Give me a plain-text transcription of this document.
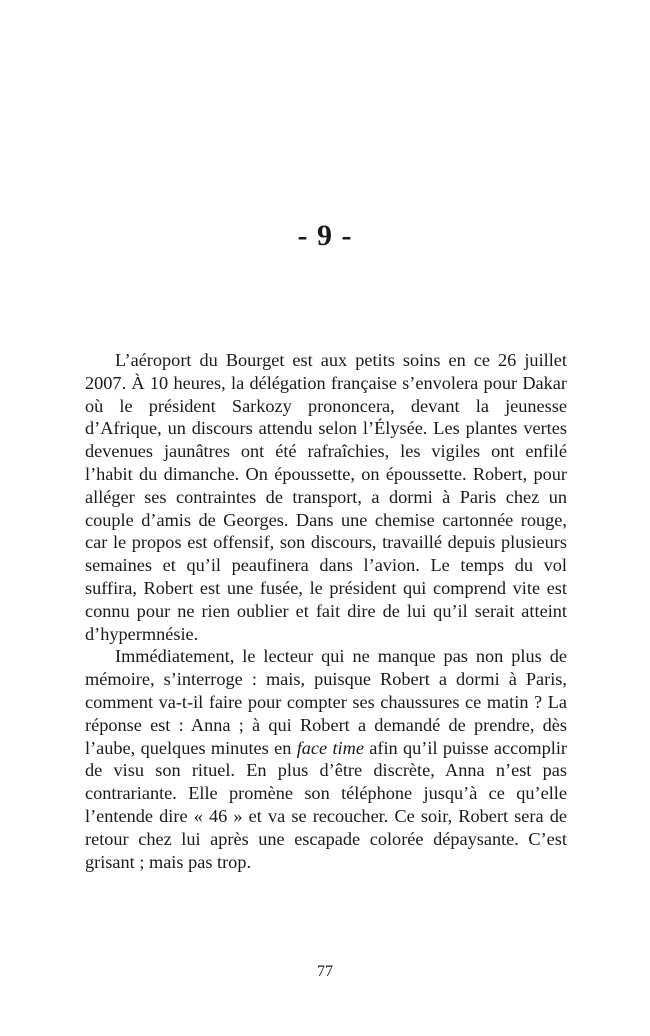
- 9 -

L’aéroport du Bourget est aux petits soins en ce 26 juillet 2007. À 10 heures, la délégation française s’envolera pour Dakar où le président Sarkozy prononcera, devant la jeunesse d’Afrique, un discours attendu selon l’Élysée. Les plantes vertes devenues jaunâtres ont été rafraîchies, les vigiles ont enfilé l’habit du dimanche. On époussette, on époussette. Robert, pour alléger ses contraintes de transport, a dormi à Paris chez un couple d’amis de Georges. Dans une chemise cartonnée rouge, car le propos est offensif, son discours, travaillé depuis plusieurs semaines et qu’il peaufinera dans l’avion. Le temps du vol suffira, Robert est une fusée, le président qui comprend vite est connu pour ne rien oublier et fait dire de lui qu’il serait atteint d’hypermnésie.

Immédiatement, le lecteur qui ne manque pas non plus de mémoire, s’interroge : mais, puisque Robert a dormi à Paris, comment va-t-il faire pour compter ses chaussures ce matin ? La réponse est : Anna ; à qui Robert a demandé de prendre, dès l’aube, quelques minutes en face time afin qu’il puisse accomplir de visu son rituel. En plus d’être discrète, Anna n’est pas contrariante. Elle promène son téléphone jusqu’à ce qu’elle l’entende dire « 46 » et va se recoucher. Ce soir, Robert sera de retour chez lui après une escapade colorée dépaysante. C’est grisant ; mais pas trop.

77
